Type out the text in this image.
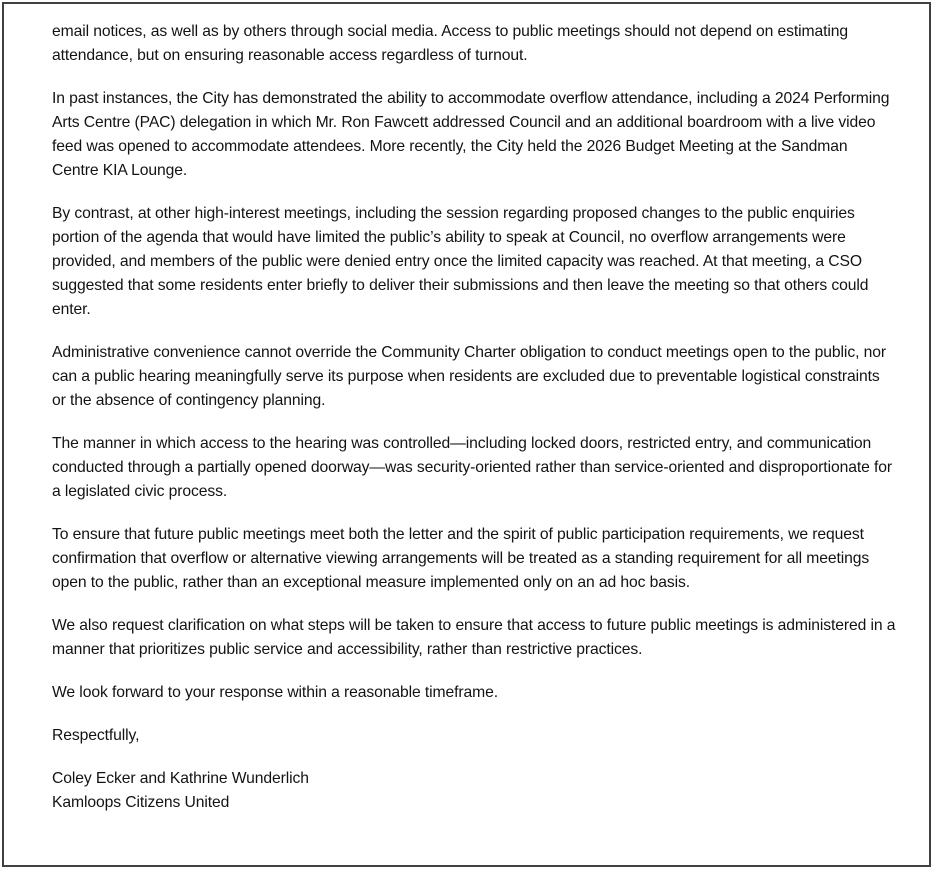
email notices, as well as by others through social media. Access to public meetings should not depend on estimating attendance, but on ensuring reasonable access regardless of turnout.

In past instances, the City has demonstrated the ability to accommodate overflow attendance, including a 2024 Performing Arts Centre (PAC) delegation in which Mr. Ron Fawcett addressed Council and an additional boardroom with a live video feed was opened to accommodate attendees. More recently, the City held the 2026 Budget Meeting at the Sandman Centre KIA Lounge.

By contrast, at other high-interest meetings, including the session regarding proposed changes to the public enquiries portion of the agenda that would have limited the public’s ability to speak at Council, no overflow arrangements were provided, and members of the public were denied entry once the limited capacity was reached. At that meeting, a CSO suggested that some residents enter briefly to deliver their submissions and then leave the meeting so that others could enter.

Administrative convenience cannot override the Community Charter obligation to conduct meetings open to the public, nor can a public hearing meaningfully serve its purpose when residents are excluded due to preventable logistical constraints or the absence of contingency planning.

The manner in which access to the hearing was controlled—including locked doors, restricted entry, and communication conducted through a partially opened doorway—was security-oriented rather than service-oriented and disproportionate for a legislated civic process.

To ensure that future public meetings meet both the letter and the spirit of public participation requirements, we request confirmation that overflow or alternative viewing arrangements will be treated as a standing requirement for all meetings open to the public, rather than an exceptional measure implemented only on an ad hoc basis.

We also request clarification on what steps will be taken to ensure that access to future public meetings is administered in a manner that prioritizes public service and accessibility, rather than restrictive practices.

We look forward to your response within a reasonable timeframe.

Respectfully,

Coley Ecker and Kathrine Wunderlich
Kamloops Citizens United
